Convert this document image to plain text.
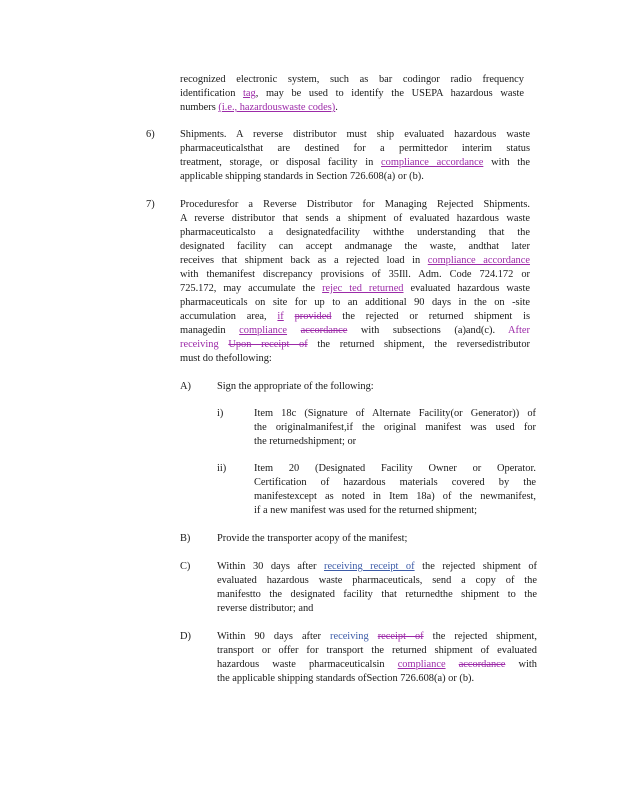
recognized electronic system, such as bar codingor radio frequency
identification tag, may be used to identify the USEPA hazardous waste
numbers (i.e., hazardouswaste codes).
6) Shipments. A reverse distributor must ship evaluated hazardous waste
pharmaceuticalsthat are destined for a permittedor interim status
treatment, storage, or disposal facility in compliance accordance with the
applicable shipping standards in Section 726.608(a) or (b).
7) Proceduresfor a Reverse Distributor for Managing Rejected Shipments.
A reverse distributor that sends a shipment of evaluated hazardous waste
pharmaceuticalsto a designatedfacility withthe understanding that the
designated facility can accept andmanage the waste, andthat later
receives that shipment back as a rejected load in compliance accordance
with themanifest discrepancy provisions of 35Ill. Adm. Code 724.172 or
725.172, may accumulate the rejec ted returned evaluated hazardous waste
pharmaceuticals on site for up to an additional 90 days in the on -site
accumulation area, if provided the rejected or returned shipment is
managedin compliance accordance with subsections (a)and(c). After
receiving Upon receipt of the returned shipment, the reversedistributor
must do thefollowing:
A)	Sign the appropriate of the following:
i)	Item 18c (Signature of Alternate Facility(or Generator)) of
the originalmanifest,if the original manifest was used for
the returnedshipment; or
ii)	Item 20 (Designated Facility Owner or Operator.
Certification of hazardous materials covered by the
manifestexcept as noted in Item 18a) of the newmanifest,
if a new manifest was used for the returned shipment;
B)	Provide the transporter acopy of the manifest;
C)	Within 30 days after receiving receipt of the rejected shipment of
evaluated hazardous waste pharmaceuticals, send a copy of the
manifestto the designated facility that returnedthe shipment to the
reverse distributor; and
D)	Within 90 days after receiving receipt of the rejected shipment,
transport or offer for transport the returned shipment of evaluated
hazardous waste pharmaceuticalsin compliance accordance with
the applicable shipping standards ofSection 726.608(a) or (b).
